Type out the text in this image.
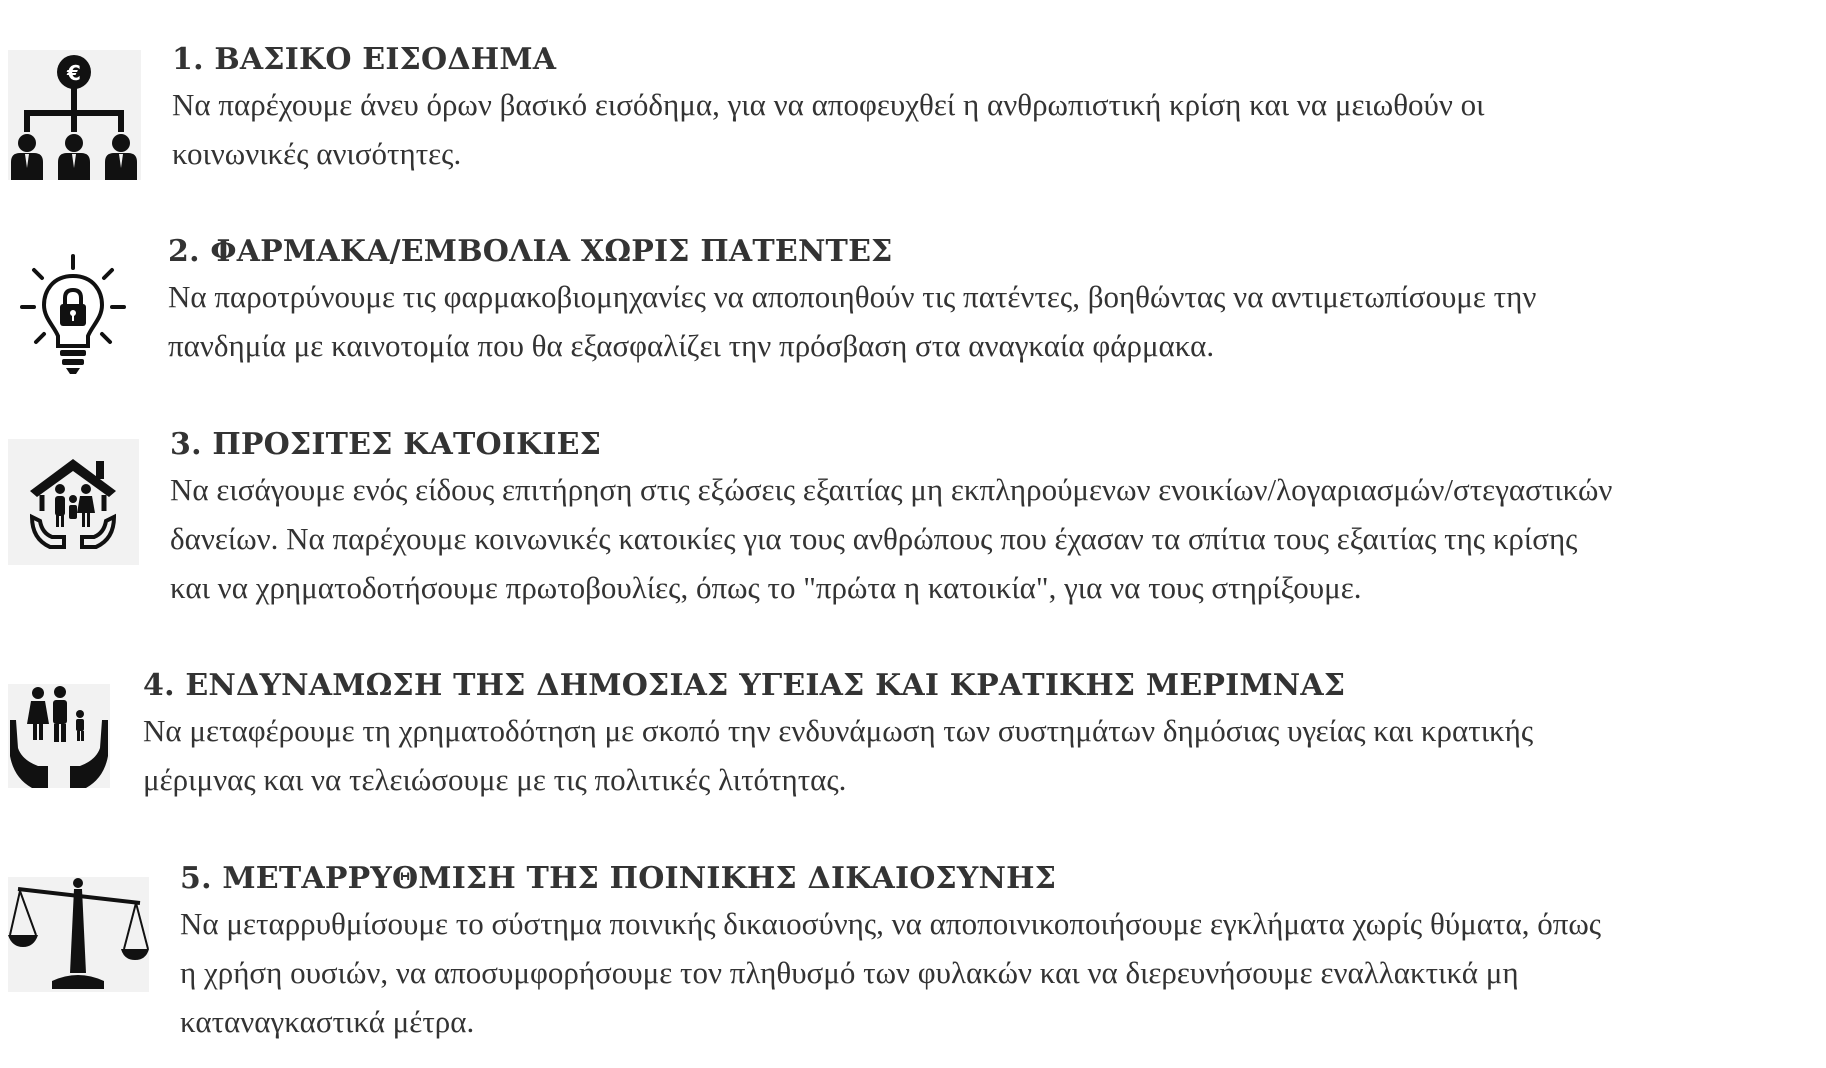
€	1. ΒΑΣΙΚΟ ΕΙΣΟΔΗΜΑ
Να παρέχουμε άνευ όρων βασικό εισόδημα, για να αποφευχθεί η ανθρωπιστική κρίση και να μειωθούν οι
κοινωνικές ανισότητες.
2. ΦΑΡΜΑΚΑ/ΕΜΒΟΛΙΑ ΧΩΡΙΣ ΠΑΤΕΝΤΕΣ
Να παροτρύνουμε τις φαρμακοβιομηχανίες να αποποιηθούν τις πατέντες, βοηθώντας να αντιμετωπίσουμε την
πανδημία με καινοτομία που θα εξασφαλίζει την πρόσβαση στα αναγκαία φάρμακα.
3. ΠΡΟΣΙΤΕΣ ΚΑΤΟΙΚΙΕΣ
Να εισάγουμε ενός είδους επιτήρηση στις εξώσεις εξαιτίας μη εκπληρούμενων ενοικίων/λογαριασμών/στεγαστικών
δανείων. Να παρέχουμε κοινωνικές κατοικίες για τους ανθρώπους που έχασαν τα σπίτια τους εξαιτίας της κρίσης
και να χρηματοδοτήσουμε πρωτοβουλίες, όπως το "πρώτα η κατοικία", για να τους στηρίξουμε.
4. ΕΝΔΥΝΑΜΩΣΗ ΤΗΣ ΔΗΜΟΣΙΑΣ ΥΓΕΙΑΣ ΚΑΙ ΚΡΑΤΙΚΗΣ ΜΕΡΙΜΝΑΣ
Να μεταφέρουμε τη χρηματοδότηση με σκοπό την ενδυνάμωση των συστημάτων δημόσιας υγείας και κρατικής
μέριμνας και να τελειώσουμε με τις πολιτικές λιτότητας.
5. ΜΕΤΑΡΡΥΘΜΙΣΗ ΤΗΣ ΠΟΙΝΙΚΗΣ ΔΙΚΑΙΟΣΥΝΗΣ
Να μεταρρυθμίσουμε το σύστημα ποινικής δικαιοσύνης, να αποποινικοποιήσουμε εγκλήματα χωρίς θύματα, όπως
η χρήση ουσιών, να αποσυμφορήσουμε τον πληθυσμό των φυλακών και να διερευνήσουμε εναλλακτικά μη
καταναγκαστικά μέτρα.
